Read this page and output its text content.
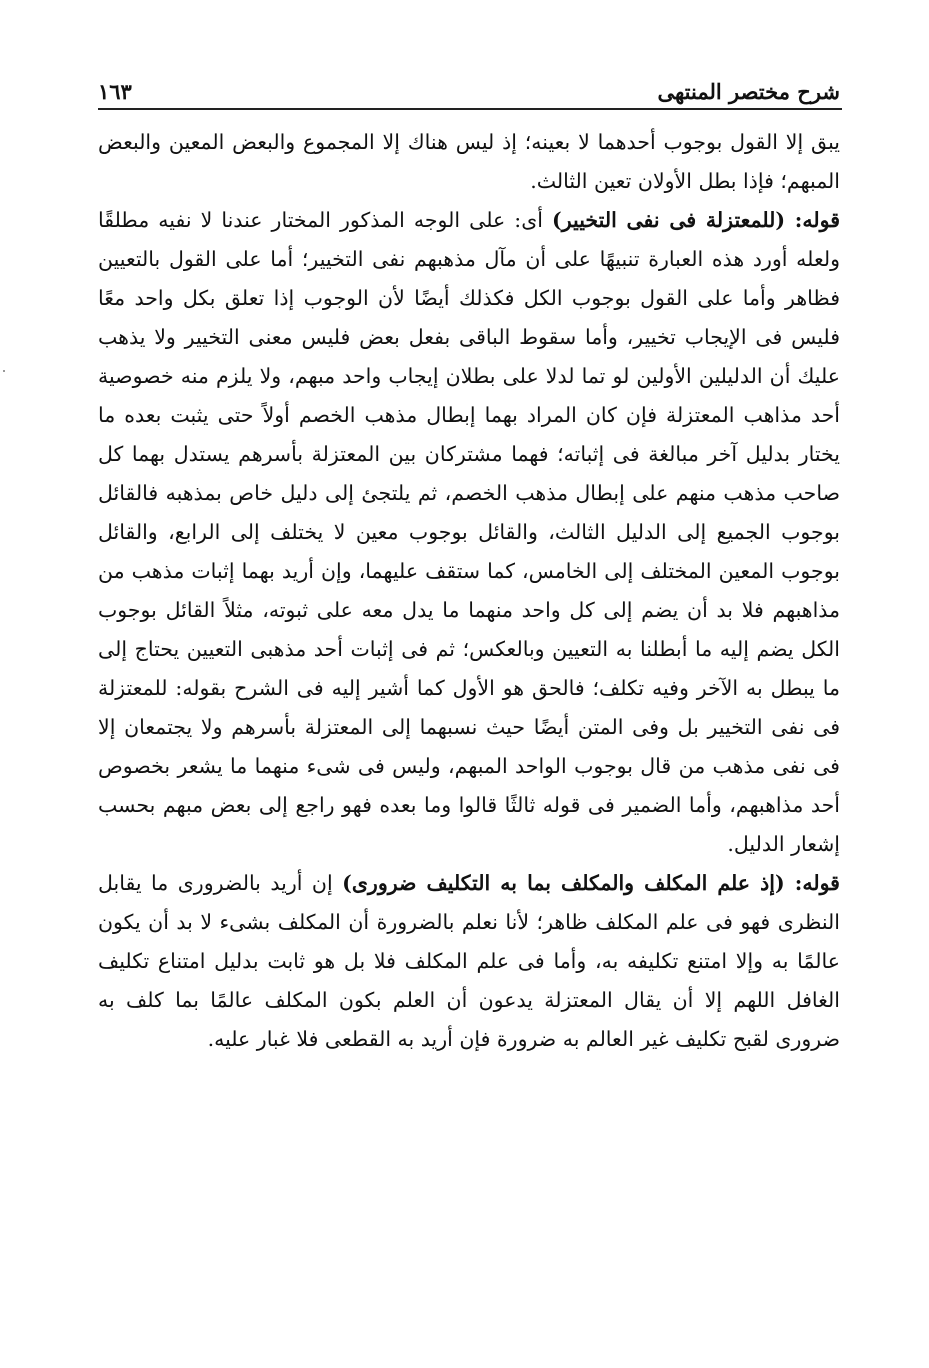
شرح مختصر المنتهى
١٦٣

يبق إلا القول بوجوب أحدهما لا بعينه؛ إذ ليس هناك إلا المجموع والبعض المعين والبعض المبهم؛ فإذا بطل الأولان تعين الثالث.

قوله: (للمعتزلة فى نفى التخيير) أى: على الوجه المذكور المختار عندنا لا نفيه مطلقًا ولعله أورد هذه العبارة تنبيهًا على أن مآل مذهبهم نفى التخيير؛ أما على القول بالتعيين فظاهر وأما على القول بوجوب الكل فكذلك أيضًا لأن الوجوب إذا تعلق بكل واحد معًا فليس فى الإيجاب تخيير، وأما سقوط الباقى بفعل بعض فليس معنى التخيير ولا يذهب عليك أن الدليلين الأولين لو تما لدلا على بطلان إيجاب واحد مبهم، ولا يلزم منه خصوصية أحد مذاهب المعتزلة فإن كان المراد بهما إبطال مذهب الخصم أولاً حتى يثبت بعده ما يختار بدليل آخر مبالغة فى إثباته؛ فهما مشتركان بين المعتزلة بأسرهم يستدل بهما كل صاحب مذهب منهم على إبطال مذهب الخصم، ثم يلتجئ إلى دليل خاص بمذهبه فالقائل بوجوب الجميع إلى الدليل الثالث، والقائل بوجوب معين لا يختلف إلى الرابع، والقائل بوجوب المعين المختلف إلى الخامس، كما ستقف عليهما، وإن أريد بهما إثبات مذهب من مذاهبهم فلا بد أن يضم إلى كل واحد منهما ما يدل معه على ثبوته، مثلاً القائل بوجوب الكل يضم إليه ما أبطلنا به التعيين وبالعكس؛ ثم فى إثبات أحد مذهبى التعيين يحتاج إلى ما يبطل به الآخر وفيه تكلف؛ فالحق هو الأول كما أشير إليه فى الشرح بقوله: للمعتزلة فى نفى التخيير بل وفى المتن أيضًا حيث نسبهما إلى المعتزلة بأسرهم ولا يجتمعان إلا فى نفى مذهب من قال بوجوب الواحد المبهم، وليس فى شىء منهما ما يشعر بخصوص أحد مذاهبهم، وأما الضمير فى قوله ثالثًا قالوا وما بعده فهو راجع إلى بعض مبهم بحسب إشعار الدليل.

قوله: (إذ علم المكلف والمكلف بما به التكليف ضرورى) إن أريد بالضرورى ما يقابل النظرى فهو فى علم المكلف ظاهر؛ لأنا نعلم بالضرورة أن المكلف بشىء لا بد أن يكون عالمًا به وإلا امتنع تكليفه به، وأما فى علم المكلف فلا بل هو ثابت بدليل امتناع تكليف الغافل اللهم إلا أن يقال المعتزلة يدعون أن العلم بكون المكلف عالمًا بما كلف به ضرورى لقبح تكليف غير العالم به ضرورة فإن أريد به القطعى فلا غبار عليه.
